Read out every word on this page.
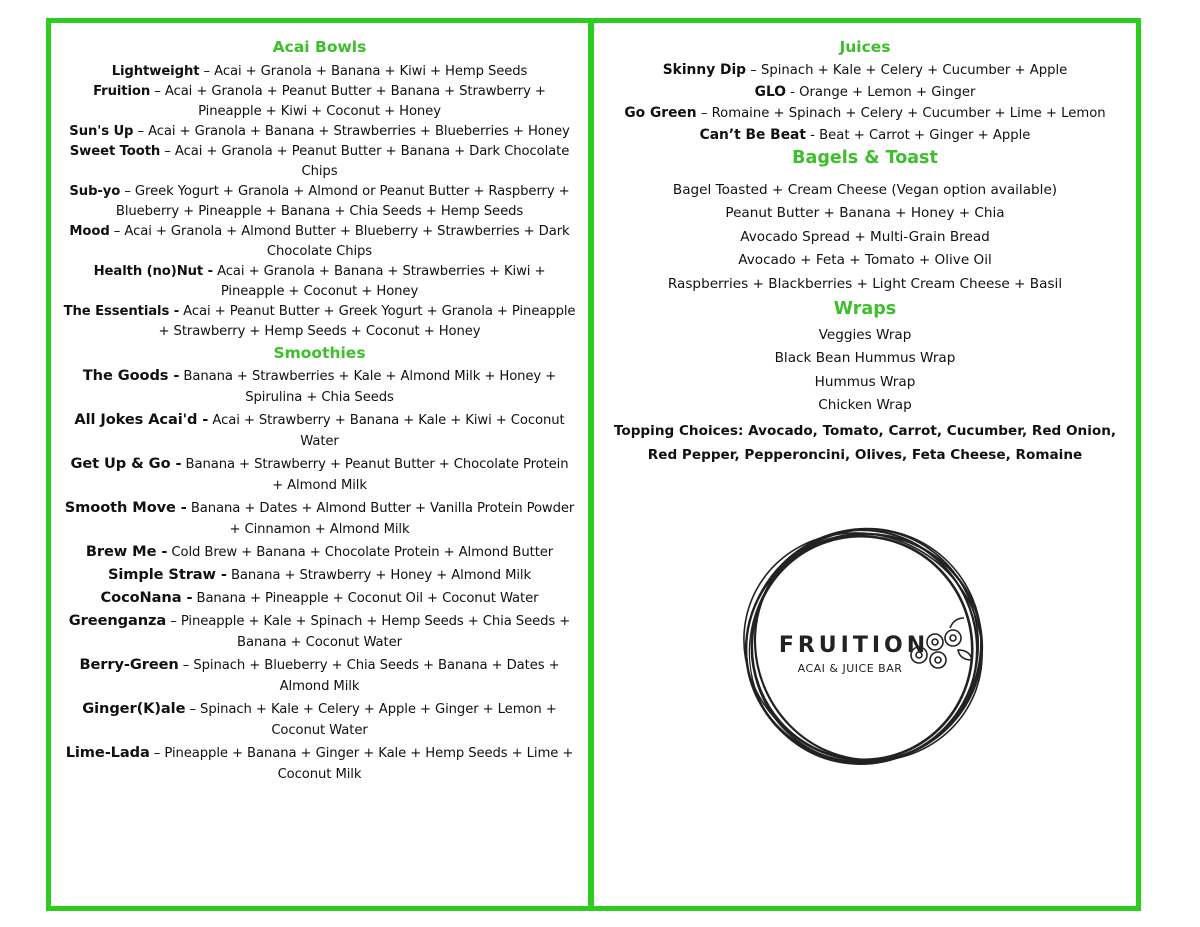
Acai Bowls
Lightweight – Acai + Granola + Banana + Kiwi + Hemp Seeds
Fruition – Acai + Granola + Peanut Butter + Banana + Strawberry + Pineapple + Kiwi + Coconut + Honey
Sun's Up – Acai + Granola + Banana + Strawberries + Blueberries + Honey
Sweet Tooth – Acai + Granola + Peanut Butter + Banana + Dark Chocolate Chips
Sub-yo – Greek Yogurt + Granola + Almond or Peanut Butter + Raspberry + Blueberry + Pineapple + Banana + Chia Seeds + Hemp Seeds
Mood – Acai + Granola + Almond Butter + Blueberry + Strawberries + Dark Chocolate Chips
Health (no)Nut - Acai + Granola + Banana + Strawberries + Kiwi + Pineapple + Coconut + Honey
The Essentials - Acai + Peanut Butter + Greek Yogurt + Granola + Pineapple + Strawberry + Hemp Seeds + Coconut + Honey
Smoothies
The Goods - Banana + Strawberries + Kale + Almond Milk + Honey + Spirulina + Chia Seeds
All Jokes Acai'd - Acai + Strawberry + Banana + Kale + Kiwi + Coconut Water
Get Up & Go - Banana + Strawberry + Peanut Butter + Chocolate Protein + Almond Milk
Smooth Move - Banana + Dates + Almond Butter + Vanilla Protein Powder + Cinnamon + Almond Milk
Brew Me - Cold Brew + Banana + Chocolate Protein + Almond Butter
Simple Straw - Banana + Strawberry + Honey + Almond Milk
CocoNana - Banana + Pineapple + Coconut Oil + Coconut Water
Greenganza – Pineapple + Kale + Spinach + Hemp Seeds + Chia Seeds + Banana + Coconut Water
Berry-Green – Spinach + Blueberry + Chia Seeds + Banana + Dates + Almond Milk
Ginger(K)ale – Spinach + Kale + Celery + Apple + Ginger + Lemon + Coconut Water
Lime-Lada – Pineapple + Banana + Ginger + Kale + Hemp Seeds + Lime + Coconut Milk
Juices
Skinny Dip – Spinach + Kale + Celery + Cucumber + Apple
GLO - Orange + Lemon + Ginger
Go Green – Romaine + Spinach + Celery + Cucumber + Lime + Lemon
Can’t Be Beat - Beat + Carrot + Ginger + Apple
Bagels & Toast
Bagel Toasted + Cream Cheese (Vegan option available)
Peanut Butter + Banana + Honey + Chia
Avocado Spread + Multi-Grain Bread
Avocado + Feta + Tomato + Olive Oil
Raspberries + Blackberries + Light Cream Cheese + Basil
Wraps
Veggies Wrap
Black Bean Hummus Wrap
Hummus Wrap
Chicken Wrap
Topping Choices: Avocado, Tomato, Carrot, Cucumber, Red Onion, Red Pepper, Pepperoncini, Olives, Feta Cheese, Romaine
FRUITION
ACAI & JUICE BAR
